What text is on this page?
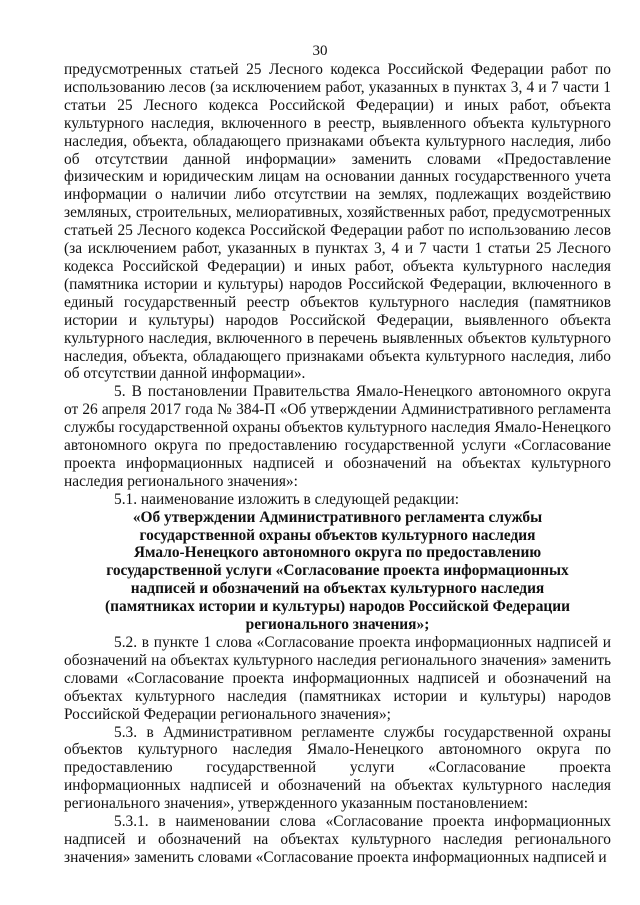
30

предусмотренных статьей 25 Лесного кодекса Российской Федерации работ по использованию лесов (за исключением работ, указанных в пунктах 3, 4 и 7 части 1 статьи 25 Лесного кодекса Российской Федерации) и иных работ, объекта культурного наследия, включенного в реестр, выявленного объекта культурного наследия, объекта, обладающего признаками объекта культурного наследия, либо об отсутствии данной информации» заменить словами «Предоставление физическим и юридическим лицам на основании данных государственного учета информации о наличии либо отсутствии на землях, подлежащих воздействию земляных, строительных, мелиоративных, хозяйственных работ, предусмотренных статьей 25 Лесного кодекса Российской Федерации работ по использованию лесов (за исключением работ, указанных в пунктах 3, 4 и 7 части 1 статьи 25 Лесного кодекса Российской Федерации) и иных работ, объекта культурного наследия (памятника истории и культуры) народов Российской Федерации, включенного в единый государственный реестр объектов культурного наследия (памятников истории и культуры) народов Российской Федерации, выявленного объекта культурного наследия, включенного в перечень выявленных объектов культурного наследия, объекта, обладающего признаками объекта культурного наследия, либо об отсутствии данной информации».

5. В постановлении Правительства Ямало-Ненецкого автономного округа от 26 апреля 2017 года № 384-П «Об утверждении Административного регламента службы государственной охраны объектов культурного наследия Ямало-Ненецкого автономного округа по предоставлению государственной услуги «Согласование проекта информационных надписей и обозначений на объектах культурного наследия регионального значения»:

5.1. наименование изложить в следующей редакции:

«Об утверждении Административного регламента службы

государственной охраны объектов культурного наследия

Ямало-Ненецкого автономного округа по предоставлению

государственной услуги «Согласование проекта информационных

надписей и обозначений на объектах культурного наследия

(памятниках истории и культуры) народов Российской Федерации

регионального значения»;

5.2. в пункте 1 слова «Согласование проекта информационных надписей и обозначений на объектах культурного наследия регионального значения» заменить словами «Согласование проекта информационных надписей и обозначений на объектах культурного наследия (памятниках истории и культуры) народов Российской Федерации регионального значения»;

5.3. в Административном регламенте службы государственной охраны объектов культурного наследия Ямало-Ненецкого автономного округа по предоставлению государственной услуги «Согласование проекта информационных надписей и обозначений на объектах культурного наследия регионального значения», утвержденного указанным постановлением:

5.3.1. в наименовании слова «Согласование проекта информационных надписей и обозначений на объектах культурного наследия регионального значения» заменить словами «Согласование проекта информационных надписей и
